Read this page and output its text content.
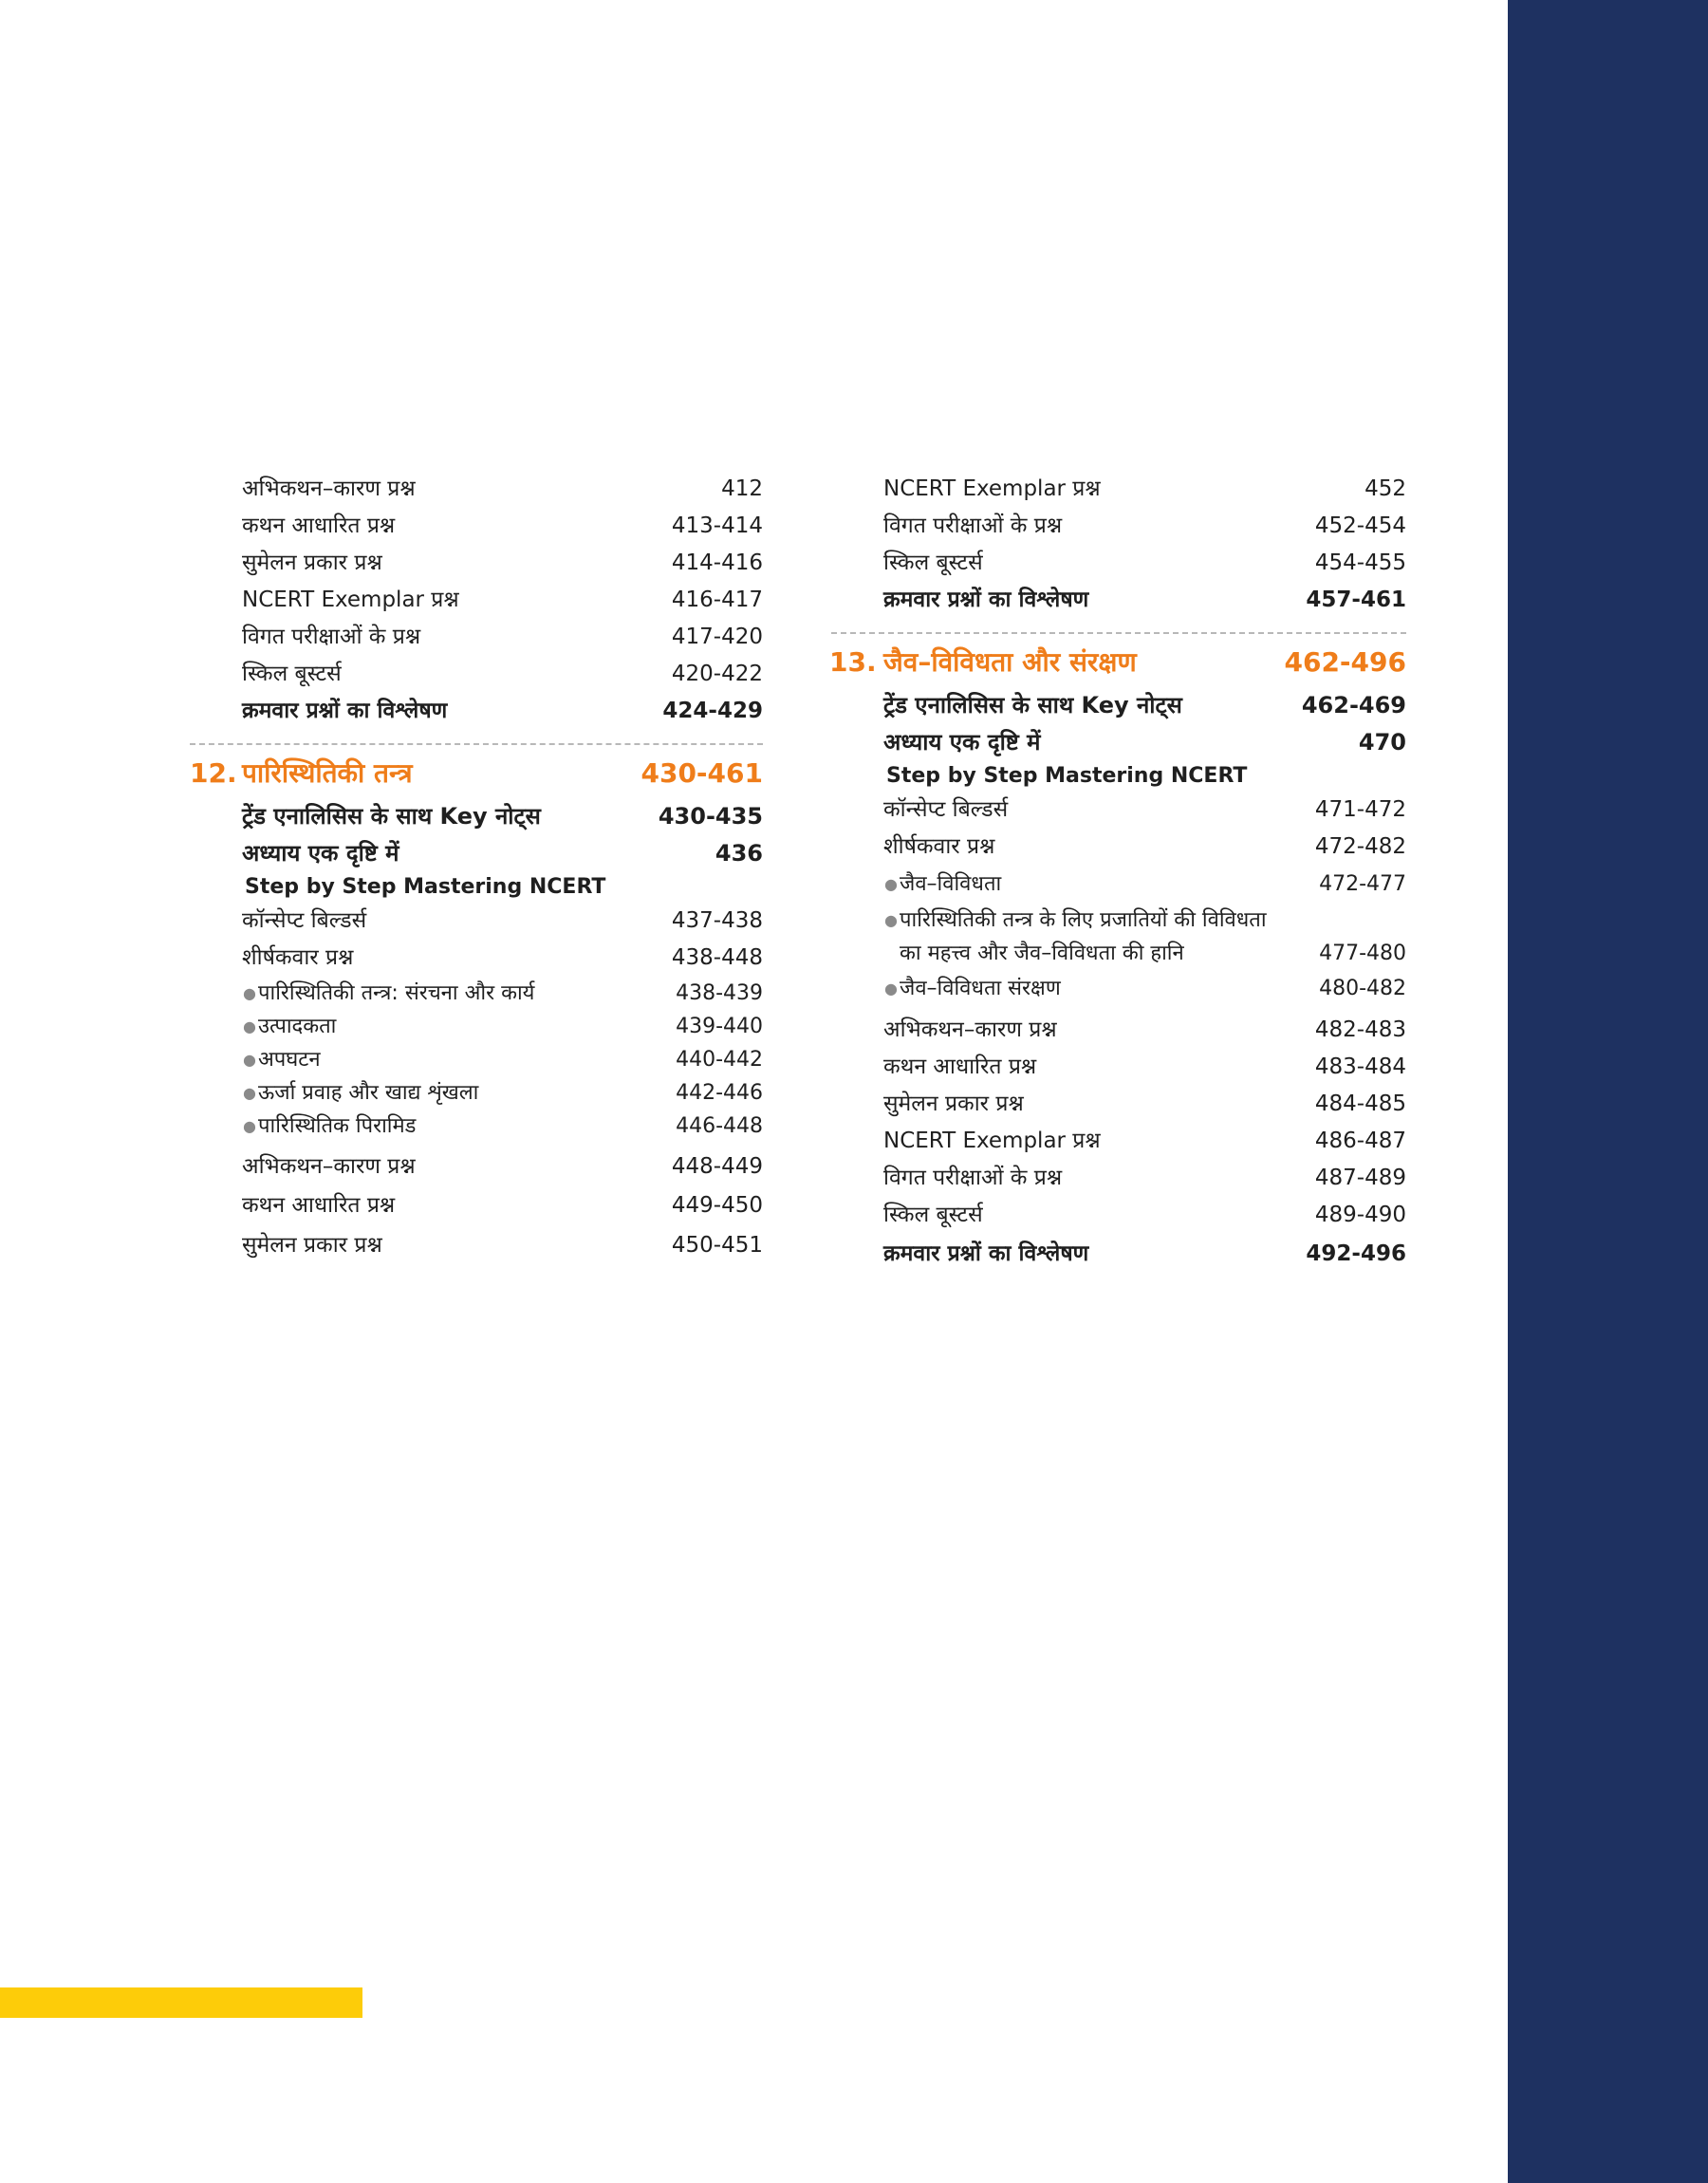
अभिकथन–कारण प्रश्न	412
कथन आधारित प्रश्न	413-414
सुमेलन प्रकार प्रश्न	414-416
NCERT Exemplar प्रश्न	416-417
विगत परीक्षाओं के प्रश्न	417-420
स्किल बूस्टर्स	420-422
क्रमवार प्रश्नों का विश्लेषण	424-429
12. पारिस्थितिकी तन्त्र	430-461
ट्रेंड एनालिसिस के साथ Key नोट्स	430-435
अध्याय एक दृष्टि में	436
Step by Step Mastering NCERT
कॉन्सेप्ट बिल्डर्स	437-438
शीर्षकवार प्रश्न	438-448
● पारिस्थितिकी तन्त्र: संरचना और कार्य	438-439
● उत्पादकता	439-440
● अपघटन	440-442
● ऊर्जा प्रवाह और खाद्य शृंखला	442-446
● पारिस्थितिक पिरामिड	446-448
अभिकथन–कारण प्रश्न	448-449
कथन आधारित प्रश्न	449-450
सुमेलन प्रकार प्रश्न	450-451
NCERT Exemplar प्रश्न	452
विगत परीक्षाओं के प्रश्न	452-454
स्किल बूस्टर्स	454-455
क्रमवार प्रश्नों का विश्लेषण	457-461
13. जैव–विविधता और संरक्षण	462-496
ट्रेंड एनालिसिस के साथ Key नोट्स	462-469
अध्याय एक दृष्टि में	470
Step by Step Mastering NCERT
कॉन्सेप्ट बिल्डर्स	471-472
शीर्षकवार प्रश्न	472-482
● जैव–विविधता	472-477
● पारिस्थितिकी तन्त्र के लिए प्रजातियों की विविधता
का महत्त्व और जैव–विविधता की हानि	477-480
● जैव–विविधता संरक्षण	480-482
अभिकथन–कारण प्रश्न	482-483
कथन आधारित प्रश्न	483-484
सुमेलन प्रकार प्रश्न	484-485
NCERT Exemplar प्रश्न	486-487
विगत परीक्षाओं के प्रश्न	487-489
स्किल बूस्टर्स	489-490
क्रमवार प्रश्नों का विश्लेषण	492-496
